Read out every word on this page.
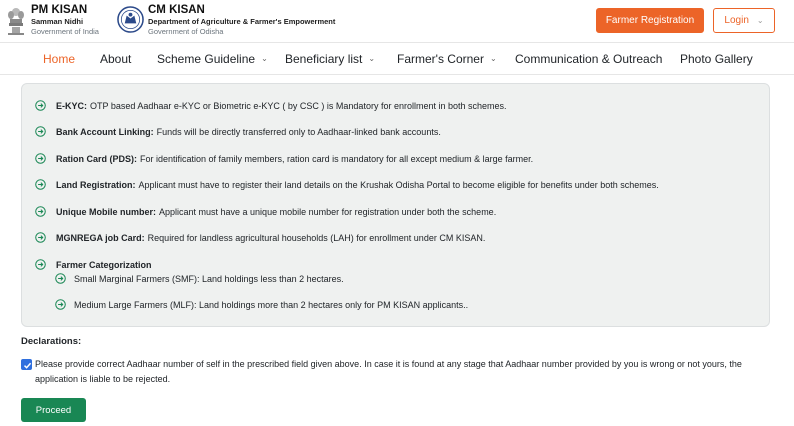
PM KISAN
Samman Nidhi
Government of India
CM KISAN
Department of Agriculture & Farmer's Empowerment
Government of Odisha
Farmer Registration	Login ⌄
Home About Scheme Guideline ⌄ Beneficiary list ⌄ Farmer's Corner ⌄ Communication & Outreach Photo Gallery
E-KYC: OTP based Aadhaar e-KYC or Biometric e-KYC ( by CSC ) is Mandatory for enrollment in both schemes.
Bank Account Linking: Funds will be directly transferred only to Aadhaar-linked bank accounts.
Ration Card (PDS): For identification of family members, ration card is mandatory for all except medium & large farmer.
Land Registration: Applicant must have to register their land details on the Krushak Odisha Portal to become eligible for benefits under both schemes.
Unique Mobile number: Applicant must have a unique mobile number for registration under both the scheme.
MGNREGA job Card: Required for landless agricultural households (LAH) for enrollment under CM KISAN.
Farmer Categorization
Small Marginal Farmers (SMF): Land holdings less than 2 hectares.
Medium Large Farmers (MLF): Land holdings more than 2 hectares only for PM KISAN applicants..
Declarations:
Please provide correct Aadhaar number of self in the prescribed field given above. In case it is found at any stage that Aadhaar number provided by you is wrong or not yours, the application is liable to be rejected.
Proceed
